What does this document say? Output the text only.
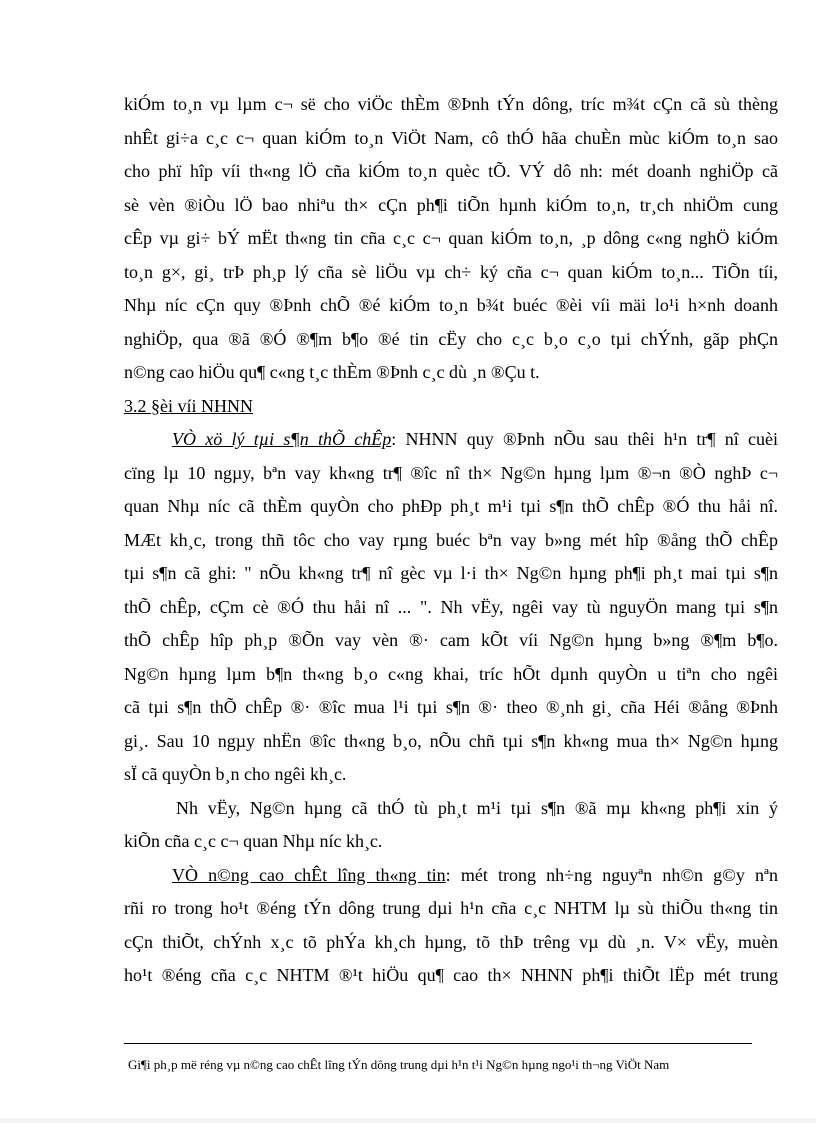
kiÓm to¸n vµ lµm c¬ së cho viÖc thÈm ®Þnh tÝn dông, tríc m¾t cÇn cã sù thèng
nhÊt gi÷a c¸c c¬ quan kiÓm to¸n ViÖt Nam, cô thÓ hãa chuÈn mùc kiÓm to¸n sao
cho phï hîp víi th«ng lÖ cña kiÓm to¸n quèc tÕ. VÝ dô nh: mét doanh nghiÖp cã
sè vèn ®iÒu lÖ bao nhiªu th× cÇn ph¶i tiÕn hµnh kiÓm to¸n, tr¸ch nhiÖm cung
cÊp vµ gi÷ bÝ mËt th«ng tin cña c¸c c¬ quan kiÓm to¸n, ¸p dông c«ng nghÖ kiÓm
to¸n g×, gi¸ trÞ ph¸p lý cña sè liÖu vµ ch÷ ký cña c¬ quan kiÓm to¸n... TiÕn tíi,
Nhµ níc cÇn quy ®Þnh chÕ ®é kiÓm to¸n b¾t buéc ®èi víi mäi lo¹i h×nh doanh
nghiÖp, qua ®ã ®Ó ®¶m b¶o ®é tin cËy cho c¸c b¸o c¸o tµi chÝnh, gãp phÇn
n©ng cao hiÖu qu¶ c«ng t¸c thÈm ®Þnh c¸c dù ¸n ®Çu t.
3.2 §èi víi NHNN
VÒ xö lý tµi s¶n thÕ chÊp: NHNN quy ®Þnh nÕu sau thêi h¹n tr¶ nî cuèi
cïng lµ 10 ngµy, bªn vay kh«ng tr¶ ®îc nî th× Ng©n hµng lµm ®¬n ®Ò nghÞ c¬
quan Nhµ níc cã thÈm quyÒn cho phÐp ph¸t m¹i tµi s¶n thÕ chÊp ®Ó thu håi nî.
MÆt kh¸c, trong thñ tôc cho vay rµng buéc bªn vay b»ng mét hîp ®ång thÕ chÊp
tµi s¶n cã ghi: " nÕu kh«ng tr¶ nî gèc vµ l·i th× Ng©n hµng ph¶i ph¸t mai tµi s¶n
thÕ chÊp, cÇm cè ®Ó thu håi nî ... ". Nh vËy, ngêi vay tù nguyÖn mang tµi s¶n
thÕ chÊp hîp ph¸p ®Õn vay vèn ®· cam kÕt víi Ng©n hµng b»ng ®¶m b¶o.
Ng©n hµng lµm b¶n th«ng b¸o c«ng khai, tríc hÕt dµnh quyÒn u tiªn cho ngêi
cã tµi s¶n thÕ chÊp ®· ®îc mua l¹i tµi s¶n ®· theo ®¸nh gi¸ cña Héi ®ång ®Þnh
gi¸. Sau 10 ngµy nhËn ®îc th«ng b¸o, nÕu chñ tµi s¶n kh«ng mua th× Ng©n hµng
sÏ cã quyÒn b¸n cho ngêi kh¸c.
Nh vËy, Ng©n hµng cã thÓ tù ph¸t m¹i tµi s¶n ®ã mµ kh«ng ph¶i xin ý
kiÕn cña c¸c c¬ quan Nhµ níc kh¸c.
VÒ n©ng cao chÊt lîng th«ng tin: mét trong nh÷ng nguyªn nh©n g©y nªn
rñi ro trong ho¹t ®éng tÝn dông trung dµi h¹n cña c¸c NHTM lµ sù thiÕu th«ng tin
cÇn thiÕt, chÝnh x¸c tõ phÝa kh¸ch hµng, tõ thÞ trêng vµ dù ¸n. V× vËy, muèn
ho¹t ®éng cña c¸c NHTM ®¹t hiÖu qu¶ cao th× NHNN ph¶i thiÕt lËp mét trung
Gi¶i ph¸p më réng vµ n©ng cao chÊt lîng tÝn dông trung dµi h¹n t¹i Ng©n hµng ngo¹i th¬ng ViÖt Nam
